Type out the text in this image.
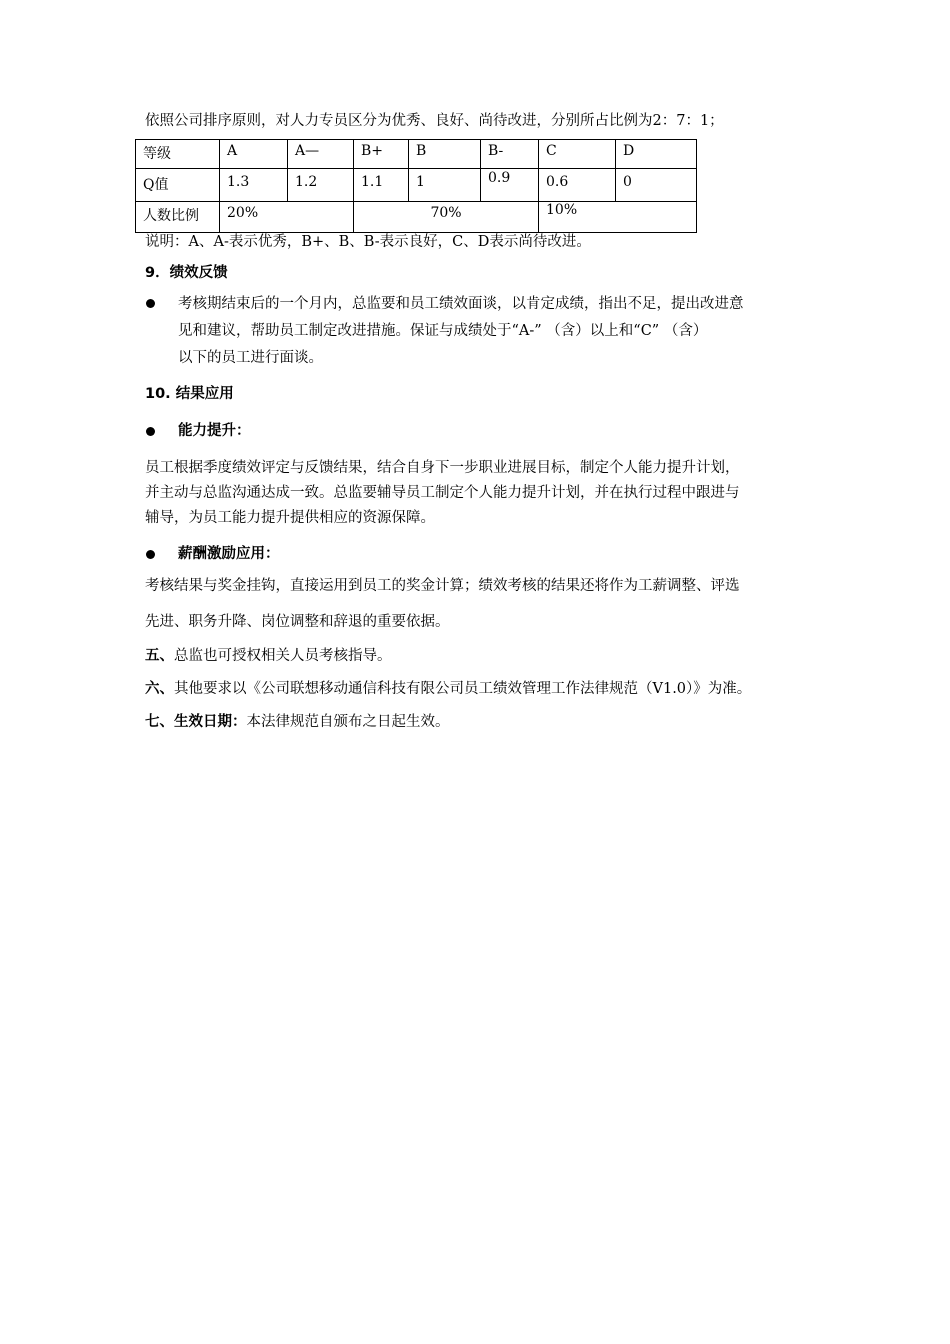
依照公司排序原则，对人力专员区分为优秀、良好、尚待改进，分别所占比例为2：7：1；
等级	A	A—	B+	B	B-	C	D
Q值	1.3	1.2	1.1	1	0.9	0.6	0
人数比例	20%		70%			10%	
说明：A、A-表示优秀，B+、B、B-表示良好，C、D表示尚待改进。
9．绩效反馈
考核期结束后的一个月内，总监要和员工绩效面谈，以肯定成绩，指出不足，提出改进意
见和建议，帮助员工制定改进措施。保证与成绩处于“A-” （含）以上和“C” （含）
以下的员工进行面谈。
10. 结果应用
能力提升：
员工根据季度绩效评定与反馈结果，结合自身下一步职业进展目标，制定个人能力提升计划，
并主动与总监沟通达成一致。总监要辅导员工制定个人能力提升计划，并在执行过程中跟进与
辅导，为员工能力提升提供相应的资源保障。
薪酬激励应用：
考核结果与奖金挂钩，直接运用到员工的奖金计算；绩效考核的结果还将作为工薪调整、评选
先进、职务升降、岗位调整和辞退的重要依据。
五、总监也可授权相关人员考核指导。
六、其他要求以《公司联想移动通信科技有限公司员工绩效管理工作法律规范（V1.0）》为准。
七、生效日期：本法律规范自颁布之日起生效。
